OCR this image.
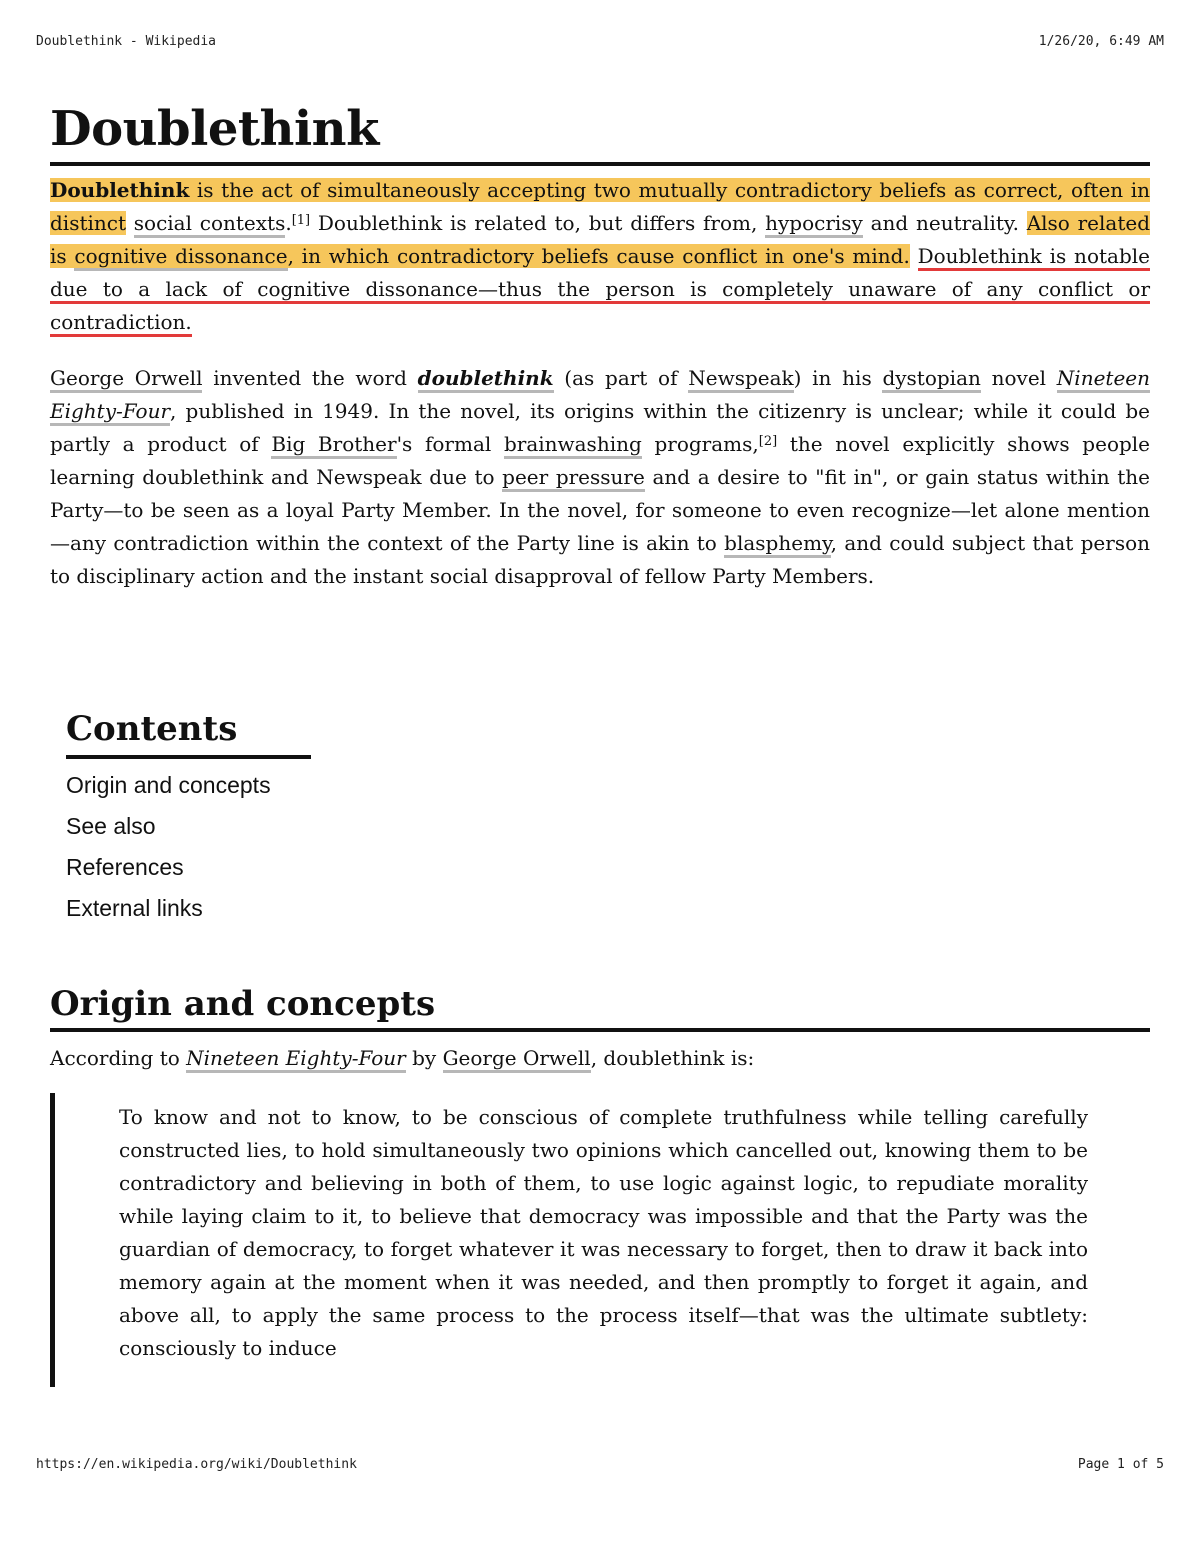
Doublethink - Wikipedia	1/26/20, 6:49 AM
Doublethink

Doublethink is the act of simultaneously accepting two mutually contradictory beliefs as correct, often in distinct social contexts.[1] Doublethink is related to, but differs from, hypocrisy and neutrality. Also related is cognitive dissonance, in which contradictory beliefs cause conflict in one's mind. Doublethink is notable due to a lack of cognitive dissonance—thus the person is completely unaware of any conflict or contradiction.

George Orwell invented the word doublethink (as part of Newspeak) in his dystopian novel Nineteen Eighty-Four, published in 1949. In the novel, its origins within the citizenry is unclear; while it could be partly a product of Big Brother's formal brainwashing programs,[2] the novel explicitly shows people learning doublethink and Newspeak due to peer pressure and a desire to "fit in", or gain status within the Party—to be seen as a loyal Party Member. In the novel, for someone to even recognize—let alone mention—any contradiction within the context of the Party line is akin to blasphemy, and could subject that person to disciplinary action and the instant social disapproval of fellow Party Members.

Contents
Origin and concepts
See also
References
External links
Origin and concepts

According to Nineteen Eighty-Four by George Orwell, doublethink is:

To know and not to know, to be conscious of complete truthfulness while telling carefully constructed lies, to hold simultaneously two opinions which cancelled out, knowing them to be contradictory and believing in both of them, to use logic against logic, to repudiate morality while laying claim to it, to believe that democracy was impossible and that the Party was the guardian of democracy, to forget whatever it was necessary to forget, then to draw it back into memory again at the moment when it was needed, and then promptly to forget it again, and above all, to apply the same process to the process itself—that was the ultimate subtlety: consciously to induce
https://en.wikipedia.org/wiki/Doublethink	Page 1 of 5
